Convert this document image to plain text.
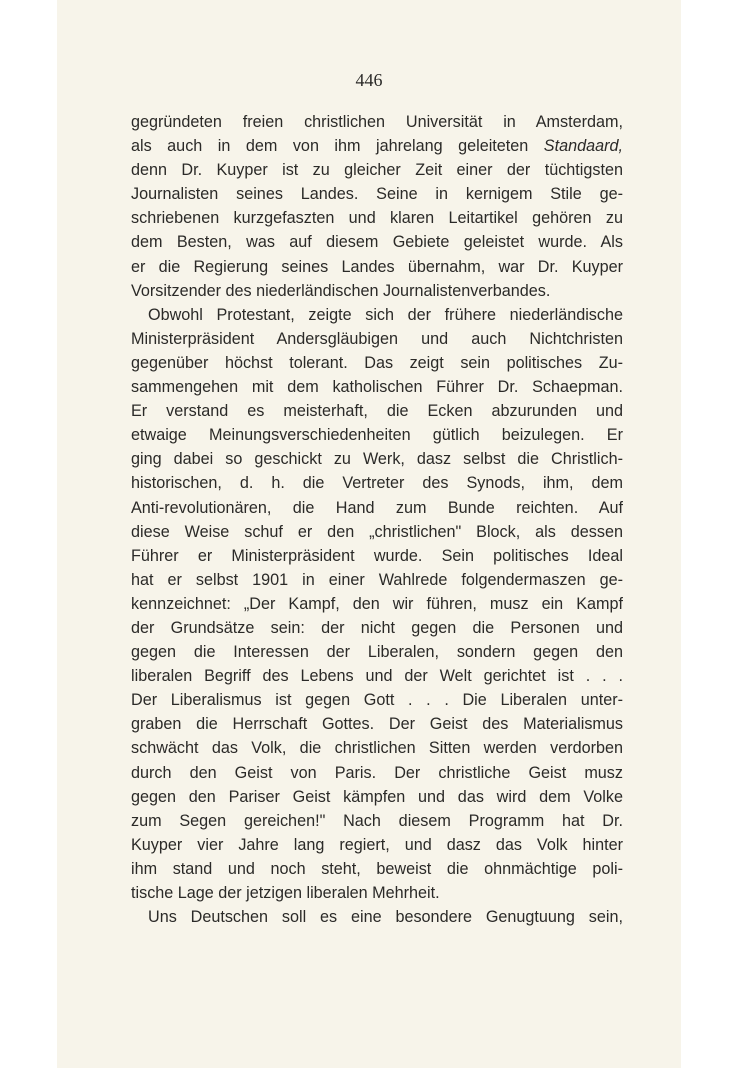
446
gegründeten freien christlichen Universität in Amsterdam,
als auch in dem von ihm jahrelang geleiteten Standaard,
denn Dr. Kuyper ist zu gleicher Zeit einer der tüchtigsten
Journalisten seines Landes. Seine in kernigem Stile ge-
schriebenen kurzgefaszten und klaren Leitartikel gehören zu
dem Besten, was auf diesem Gebiete geleistet wurde. Als
er die Regierung seines Landes übernahm, war Dr. Kuyper
Vorsitzender des niederländischen Journalistenverbandes.
Obwohl Protestant, zeigte sich der frühere niederländische
Ministerpräsident Andersgläubigen und auch Nichtchristen
gegenüber höchst tolerant. Das zeigt sein politisches Zu-
sammengehen mit dem katholischen Führer Dr. Schaepman.
Er verstand es meisterhaft, die Ecken abzurunden und
etwaige Meinungsverschiedenheiten gütlich beizulegen. Er
ging dabei so geschickt zu Werk, dasz selbst die Christlich-
historischen, d. h. die Vertreter des Synods, ihm, dem
Anti-revolutionären, die Hand zum Bunde reichten. Auf
diese Weise schuf er den „christlichen" Block, als dessen
Führer er Ministerpräsident wurde. Sein politisches Ideal
hat er selbst 1901 in einer Wahlrede folgendermaszen ge-
kennzeichnet: „Der Kampf, den wir führen, musz ein Kampf
der Grundsätze sein: der nicht gegen die Personen und
gegen die Interessen der Liberalen, sondern gegen den
liberalen Begriff des Lebens und der Welt gerichtet ist . . .
Der Liberalismus ist gegen Gott . . . Die Liberalen unter-
graben die Herrschaft Gottes. Der Geist des Materialismus
schwächt das Volk, die christlichen Sitten werden verdorben
durch den Geist von Paris. Der christliche Geist musz
gegen den Pariser Geist kämpfen und das wird dem Volke
zum Segen gereichen!" Nach diesem Programm hat Dr.
Kuyper vier Jahre lang regiert, und dasz das Volk hinter
ihm stand und noch steht, beweist die ohnmächtige poli-
tische Lage der jetzigen liberalen Mehrheit.
Uns Deutschen soll es eine besondere Genugtuung sein,
